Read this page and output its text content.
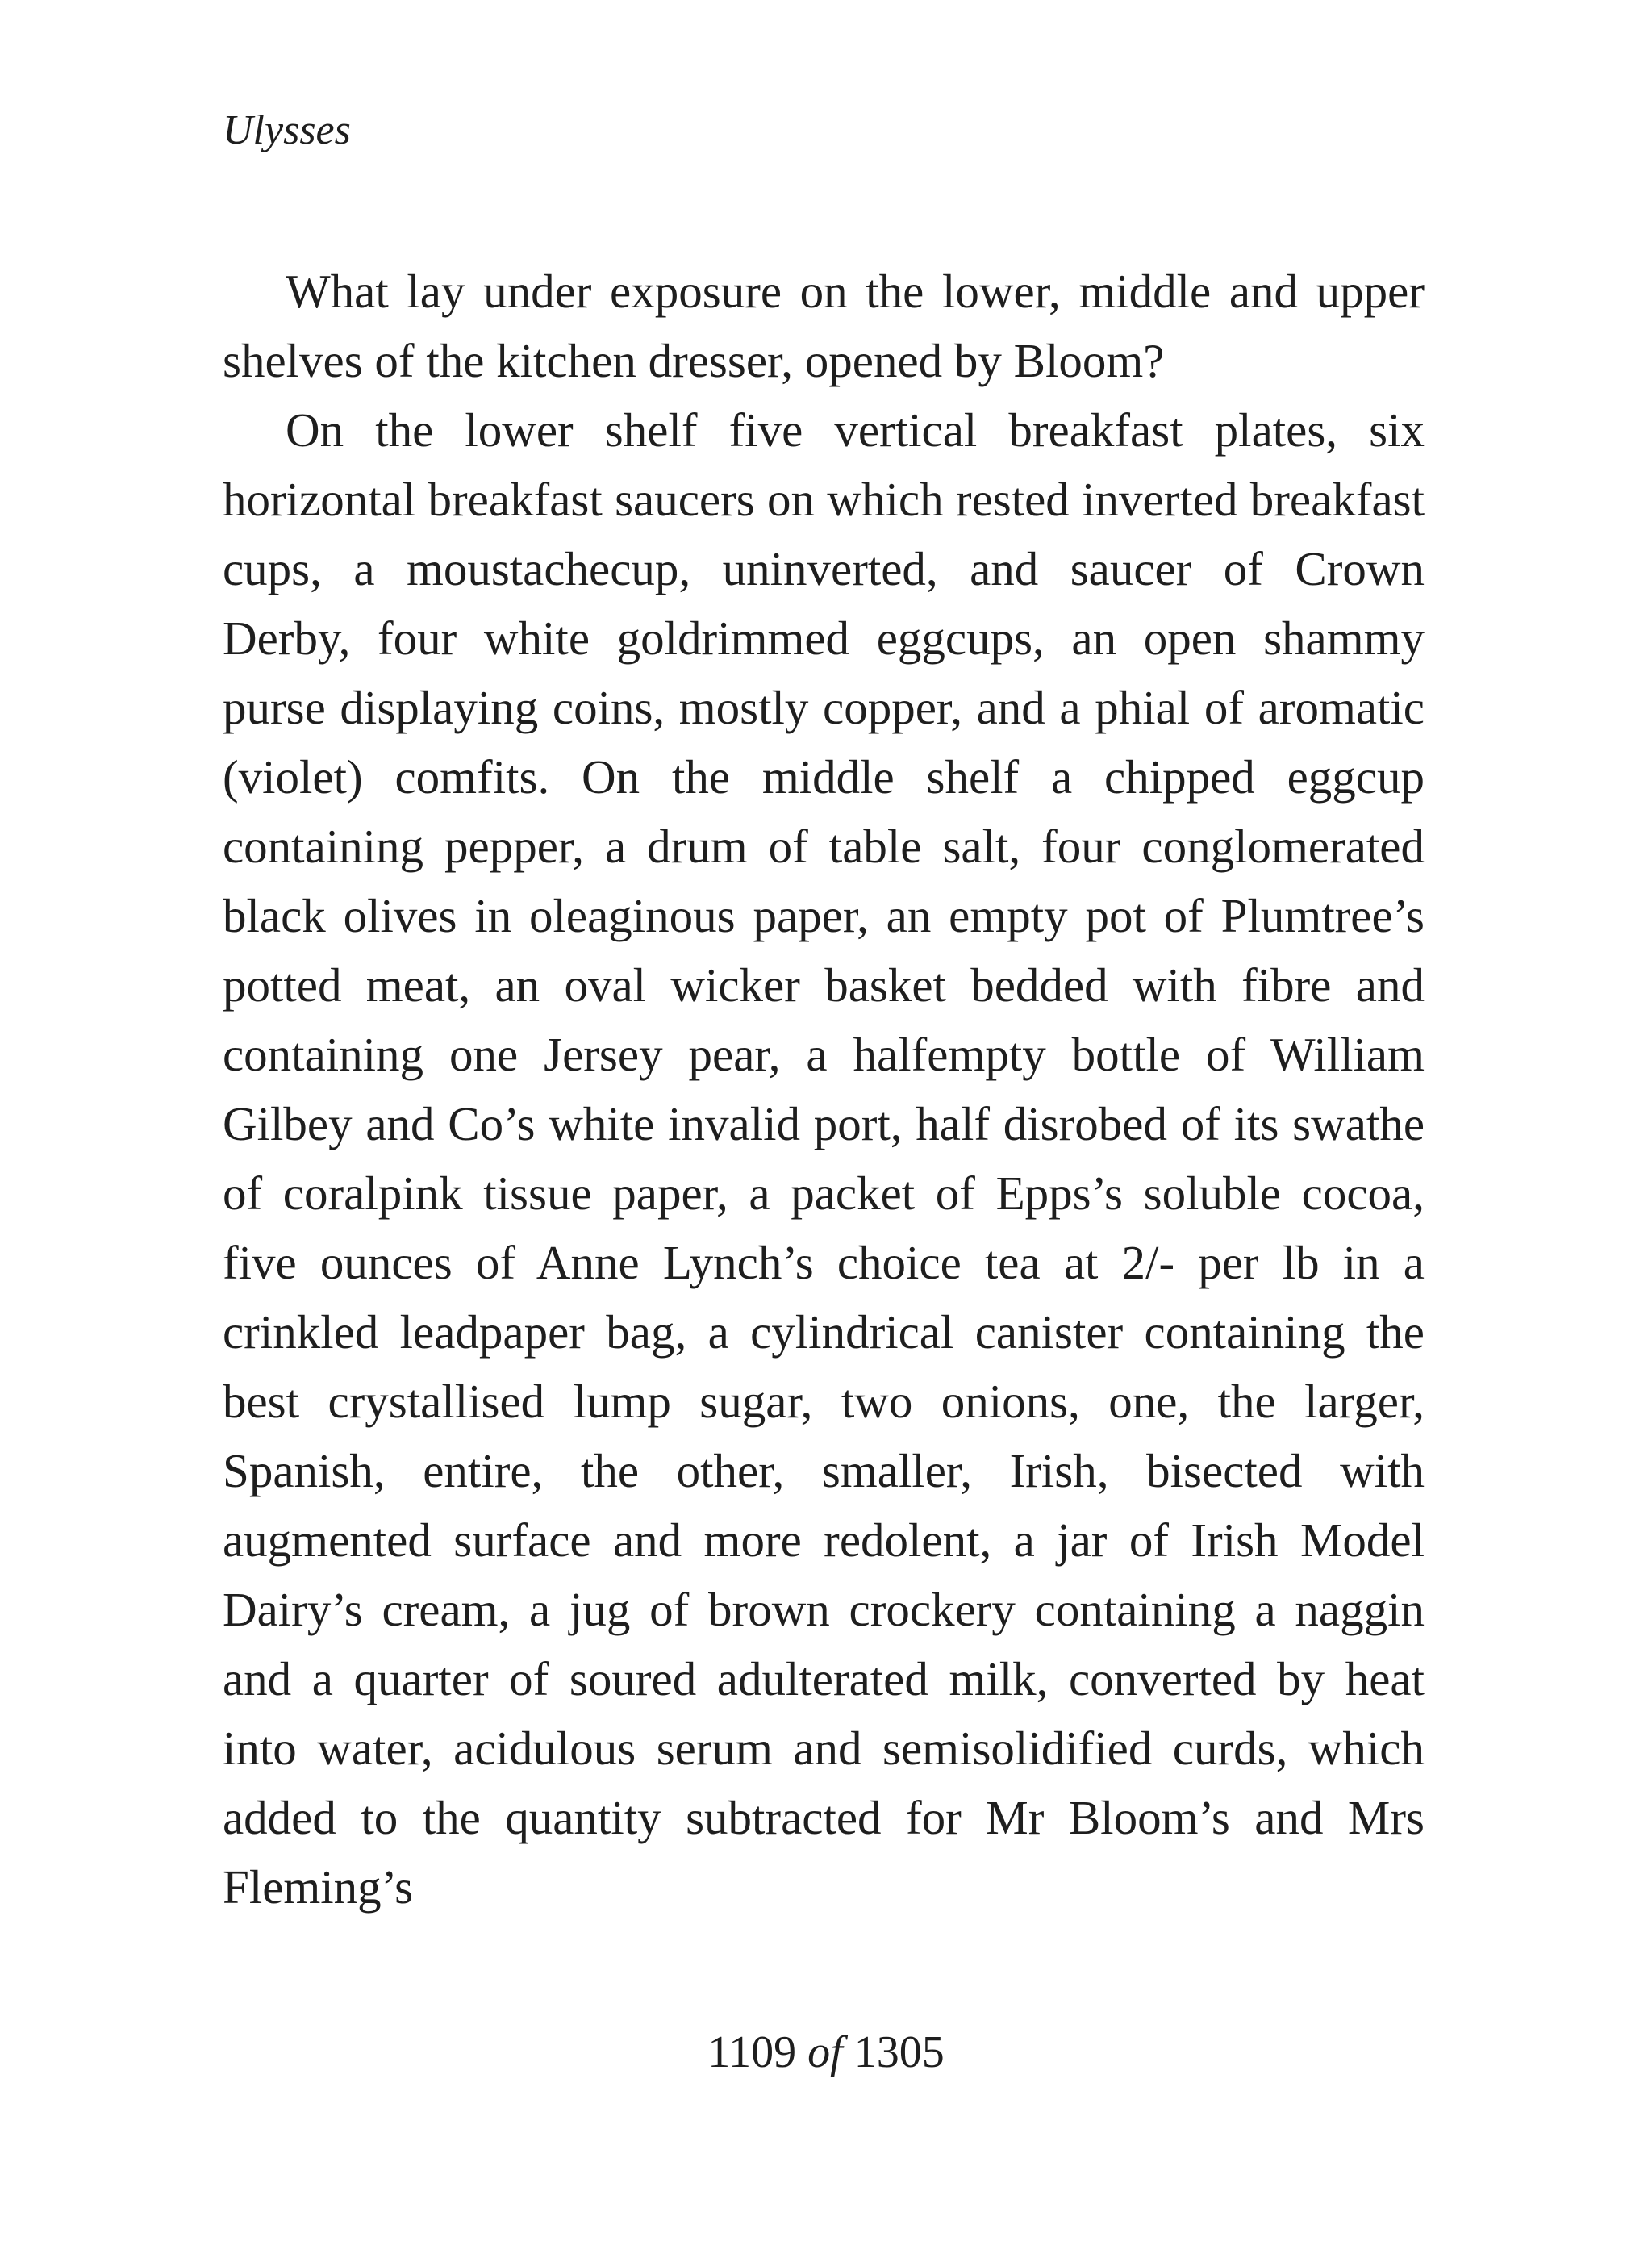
Ulysses

What lay under exposure on the lower, middle and upper shelves of the kitchen dresser, opened by Bloom?

On the lower shelf five vertical breakfast plates, six horizontal breakfast saucers on which rested inverted breakfast cups, a moustachecup, uninverted, and saucer of Crown Derby, four white goldrimmed eggcups, an open shammy purse displaying coins, mostly copper, and a phial of aromatic (violet) comfits. On the middle shelf a chipped eggcup containing pepper, a drum of table salt, four conglomerated black olives in oleaginous paper, an empty pot of Plumtree’s potted meat, an oval wicker basket bedded with fibre and containing one Jersey pear, a halfempty bottle of William Gilbey and Co’s white invalid port, half disrobed of its swathe of coralpink tissue paper, a packet of Epps’s soluble cocoa, five ounces of Anne Lynch’s choice tea at 2/- per lb in a crinkled leadpaper bag, a cylindrical canister containing the best crystallised lump sugar, two onions, one, the larger, Spanish, entire, the other, smaller, Irish, bisected with augmented surface and more redolent, a jar of Irish Model Dairy’s cream, a jug of brown crockery containing a naggin and a quarter of soured adulterated milk, converted by heat into water, acidulous serum and semisolidified curds, which added to the quantity subtracted for Mr Bloom’s and Mrs Fleming’s

1109 of 1305
